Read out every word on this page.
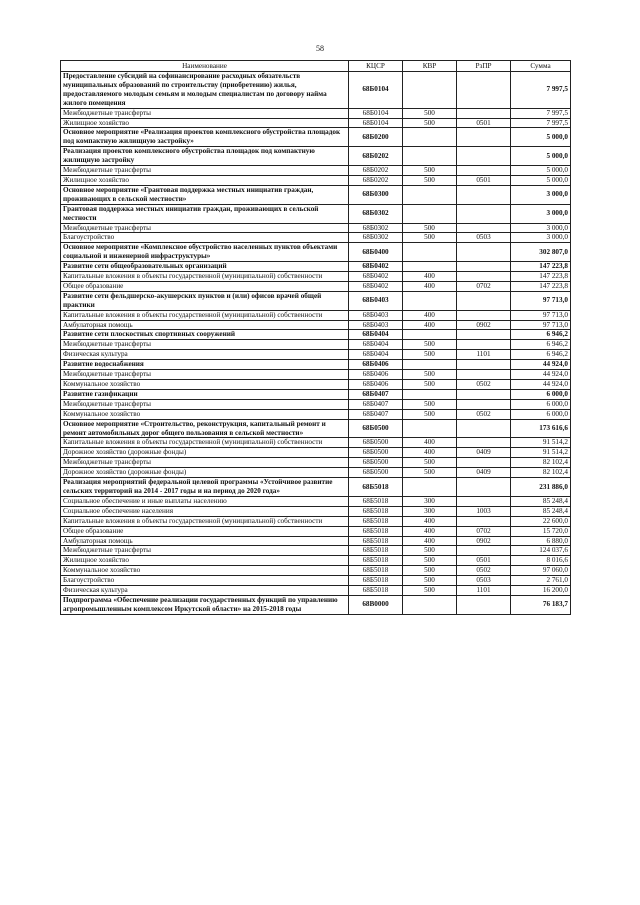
58
Наименование	КЦСР	КВР	РзПР	Сумма
Предоставление субсидий на софинансирование расходных обязательств муниципальных образований по строительству (приобретению) жилья, предоставляемого молодым семьям и молодым специалистам по договору найма жилого помещения	68Б0104			7 997,5
Межбюджетные трансферты	68Б0104	500		7 997,5
Жилищное хозяйство	68Б0104	500	0501	7 997,5
Основное мероприятие «Реализация проектов комплексного обустройства площадок под компактную жилищную застройку»	68Б0200			5 000,0
Реализация проектов комплексного обустройства площадок под компактную жилищную застройку	68Б0202			5 000,0
Межбюджетные трансферты	68Б0202	500		5 000,0
Жилищное хозяйство	68Б0202	500	0501	5 000,0
Основное мероприятие «Грантовая поддержка местных инициатив граждан, проживающих в сельской местности»	68Б0300			3 000,0
Грантовая поддержка местных инициатив граждан, проживающих в сельской местности	68Б0302			3 000,0
Межбюджетные трансферты	68Б0302	500		3 000,0
Благоустройство	68Б0302	500	0503	3 000,0
Основное мероприятие «Комплексное обустройство населенных пунктов объектами социальной и инженерной инфраструктуры»	68Б0400			302 807,0
Развитие сети общеобразовательных организаций	68Б0402			147 223,8
Капитальные вложения в объекты государственной (муниципальной) собственности	68Б0402	400		147 223,8
Общее образование	68Б0402	400	0702	147 223,8
Развитие сети фельдшерско-акушерских пунктов и (или) офисов врачей общей практики	68Б0403			97 713,0
Капитальные вложения в объекты государственной (муниципальной) собственности	68Б0403	400		97 713,0
Амбулаторная помощь	68Б0403	400	0902	97 713,0
Развитие сети плоскостных спортивных сооружений	68Б0404			6 946,2
Межбюджетные трансферты	68Б0404	500		6 946,2
Физическая культура	68Б0404	500	1101	6 946,2
Развитие водоснабжения	68Б0406			44 924,0
Межбюджетные трансферты	68Б0406	500		44 924,0
Коммунальное хозяйство	68Б0406	500	0502	44 924,0
Развитие газификации	68Б0407			6 000,0
Межбюджетные трансферты	68Б0407	500		6 000,0
Коммунальное хозяйство	68Б0407	500	0502	6 000,0
Основное мероприятие «Строительство, реконструкция, капитальный ремонт и ремонт автомобильных дорог общего пользования в сельской местности»	68Б0500			173 616,6
Капитальные вложения в объекты государственной (муниципальной) собственности	68Б0500	400		91 514,2
Дорожное хозяйство (дорожные фонды)	68Б0500	400	0409	91 514,2
Межбюджетные трансферты	68Б0500	500		82 102,4
Дорожное хозяйство (дорожные фонды)	68Б0500	500	0409	82 102,4
Реализация мероприятий федеральной целевой программы «Устойчивое развитие сельских территорий на 2014 - 2017 годы и на период до 2020 года»	68Б5018			231 886,0
Социальное обеспечение и иные выплаты населению	68Б5018	300		85 248,4
Социальное обеспечение населения	68Б5018	300	1003	85 248,4
Капитальные вложения в объекты государственной (муниципальной) собственности	68Б5018	400		22 600,0
Общее образование	68Б5018	400	0702	15 720,0
Амбулаторная помощь	68Б5018	400	0902	6 880,0
Межбюджетные трансферты	68Б5018	500		124 037,6
Жилищное хозяйство	68Б5018	500	0501	8 016,6
Коммунальное хозяйство	68Б5018	500	0502	97 060,0
Благоустройство	68Б5018	500	0503	2 761,0
Физическая культура	68Б5018	500	1101	16 200,0
Подпрограмма «Обеспечение реализации государственных функций по управлению агропромышленным комплексом Иркутской области» на 2015-2018 годы	68В0000			76 183,7
